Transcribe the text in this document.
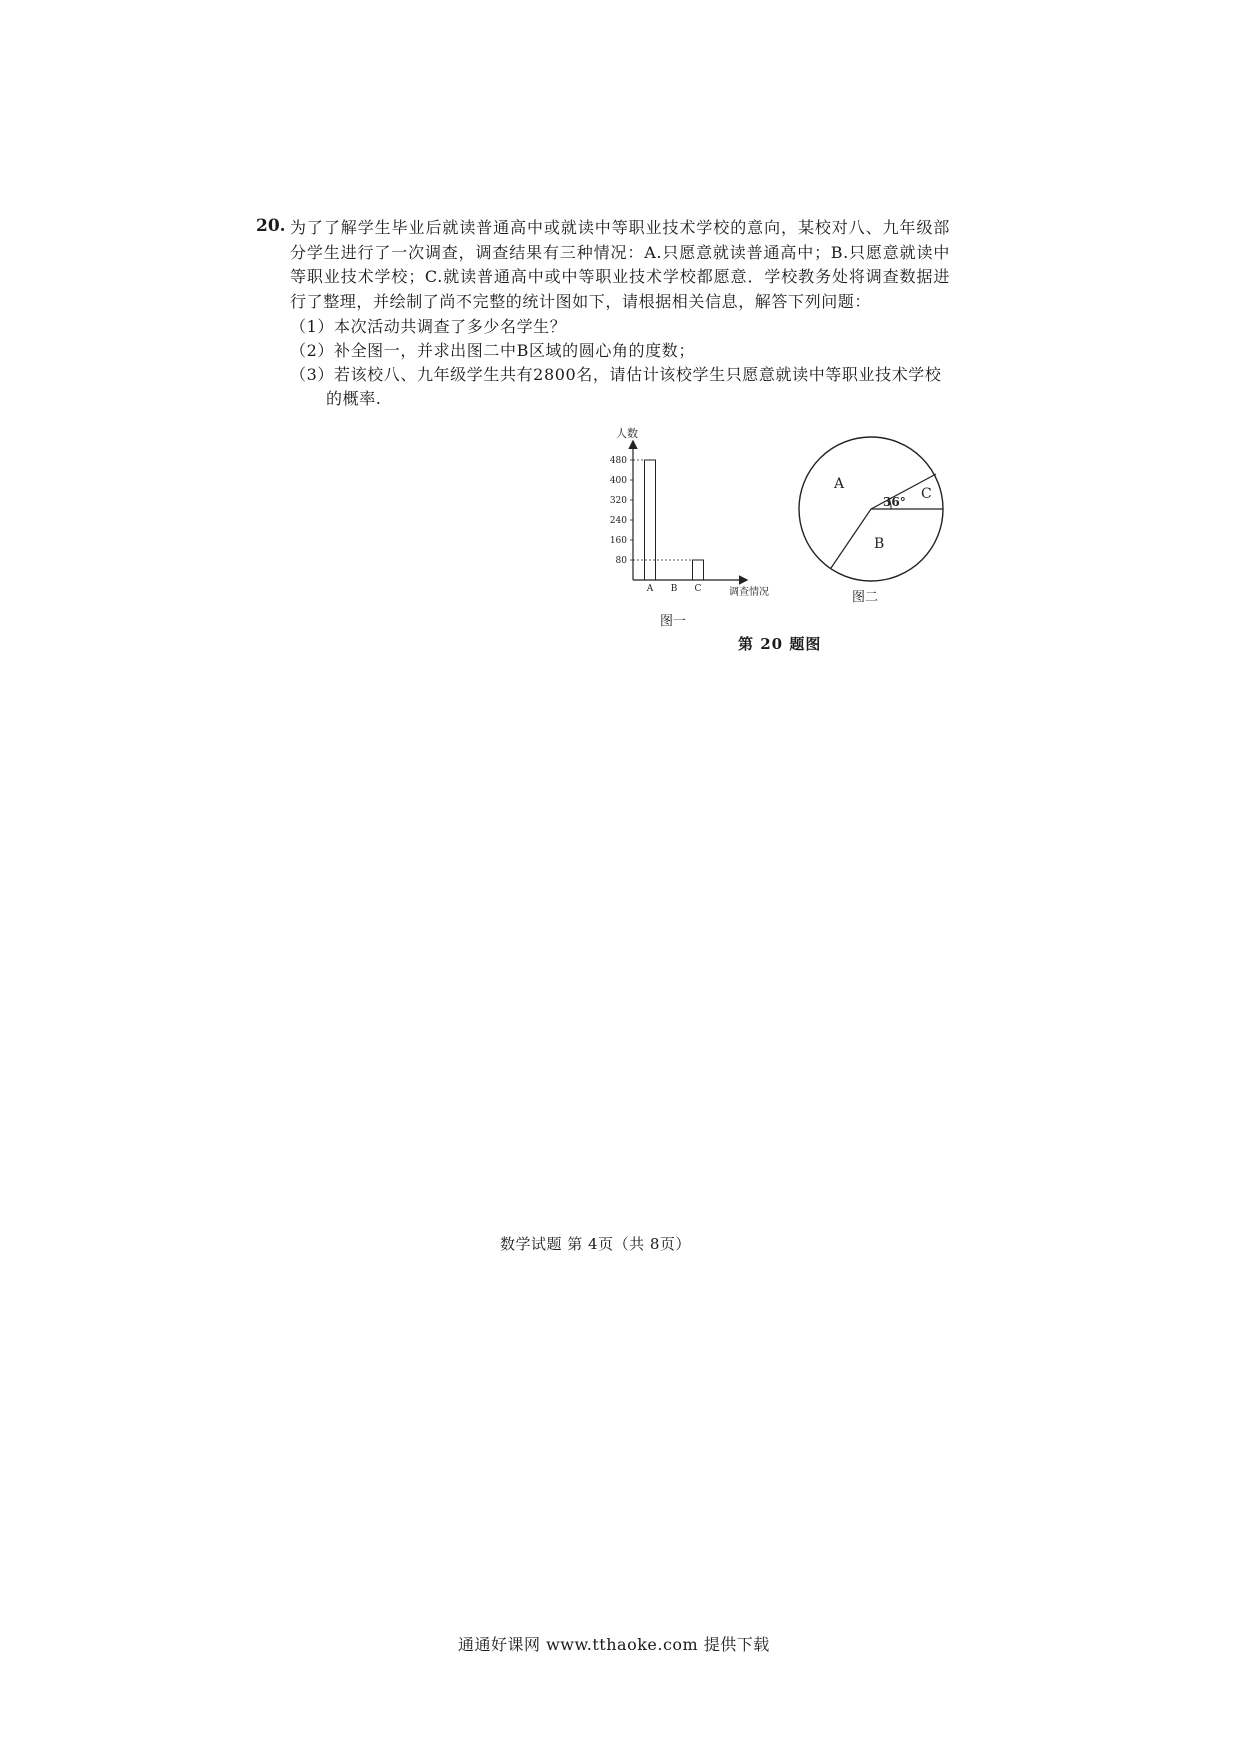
20. 为了了解学生毕业后就读普通高中或就读中等职业技术学校的意向，某校对八、九年级部分学生进行了一次调查，调查结果有三种情况：A.只愿意就读普通高中；B.只愿意就读中等职业技术学校；C.就读普通高中或中等职业技术学校都愿意．学校教务处将调查数据进行了整理，并绘制了尚不完整的统计图如下，请根据相关信息，解答下列问题：

（1）本次活动共调查了多少名学生？
（2）补全图一，并求出图二中B区域的圆心角的度数；
（3）若该校八、九年级学生共有2800名，请估计该校学生只愿意就读中等职业技术学校
的概率.
人数
调查情况
80
160
240
320
400
480
A B C
图一
A
B
C
36°
图二
第 20 题图
数学试题 第 4页（共 8页）
通通好课网 www.tthaoke.com 提供下载
